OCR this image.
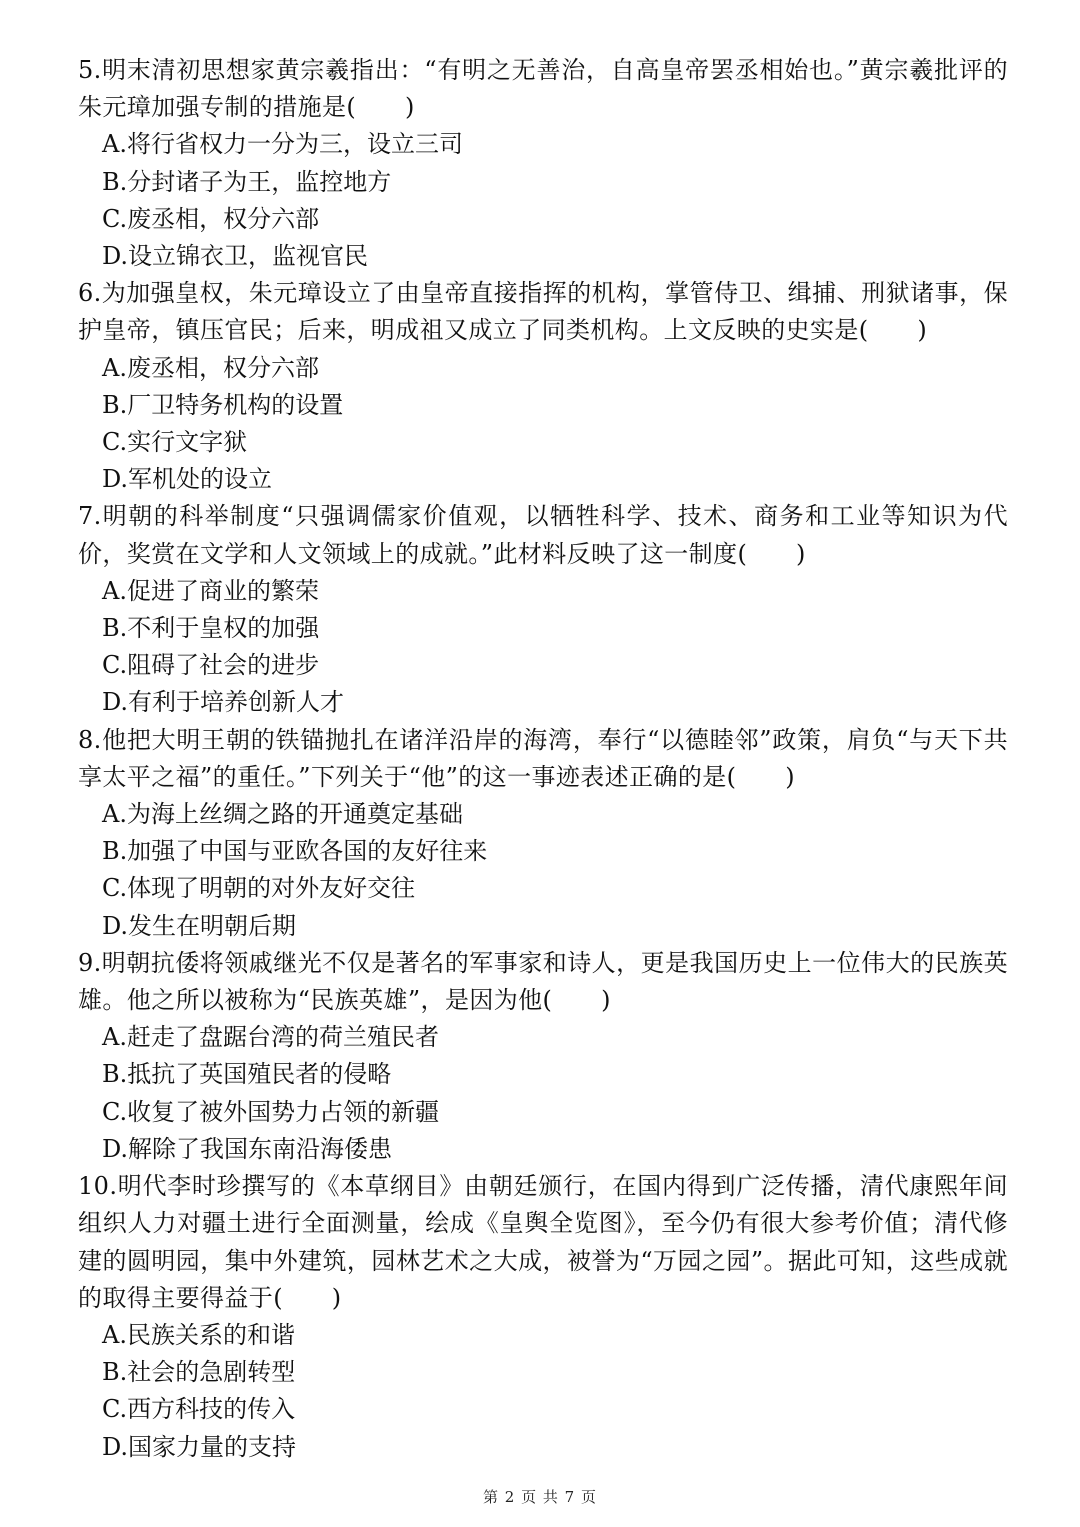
5.明末清初思想家黄宗羲指出：“有明之无善治，自高皇帝罢丞相始也。”黄宗羲批评的朱元璋加强专制的措施是(　　)

A.将行省权力一分为三，设立三司
B.分封诸子为王，监控地方
C.废丞相，权分六部
D.设立锦衣卫，监视官民

6.为加强皇权，朱元璋设立了由皇帝直接指挥的机构，掌管侍卫、缉捕、刑狱诸事，保护皇帝，镇压官民；后来，明成祖又成立了同类机构。上文反映的史实是(　　)

A.废丞相，权分六部
B.厂卫特务机构的设置
C.实行文字狱
D.军机处的设立

7.明朝的科举制度“只强调儒家价值观，以牺牲科学、技术、商务和工业等知识为代价，奖赏在文学和人文领域上的成就。”此材料反映了这一制度(　　)

A.促进了商业的繁荣
B.不利于皇权的加强
C.阻碍了社会的进步
D.有利于培养创新人才

8.他把大明王朝的铁锚抛扎在诸洋沿岸的海湾，奉行“以德睦邻”政策，肩负“与天下共享太平之福”的重任。”下列关于“他”的这一事迹表述正确的是(　　)

A.为海上丝绸之路的开通奠定基础
B.加强了中国与亚欧各国的友好往来
C.体现了明朝的对外友好交往
D.发生在明朝后期

9.明朝抗倭将领戚继光不仅是著名的军事家和诗人，更是我国历史上一位伟大的民族英雄。他之所以被称为“民族英雄”，是因为他(　　)

A.赶走了盘踞台湾的荷兰殖民者
B.抵抗了英国殖民者的侵略
C.收复了被外国势力占领的新疆
D.解除了我国东南沿海倭患

10.明代李时珍撰写的《本草纲目》由朝廷颁行，在国内得到广泛传播，清代康熙年间组织人力对疆土进行全面测量，绘成《皇舆全览图》，至今仍有很大参考价值；清代修建的圆明园，集中外建筑，园林艺术之大成，被誉为“万园之园”。据此可知，这些成就的取得主要得益于(　　)

A.民族关系的和谐
B.社会的急剧转型
C.西方科技的传入
D.国家力量的支持
第 2 页 共 7 页
